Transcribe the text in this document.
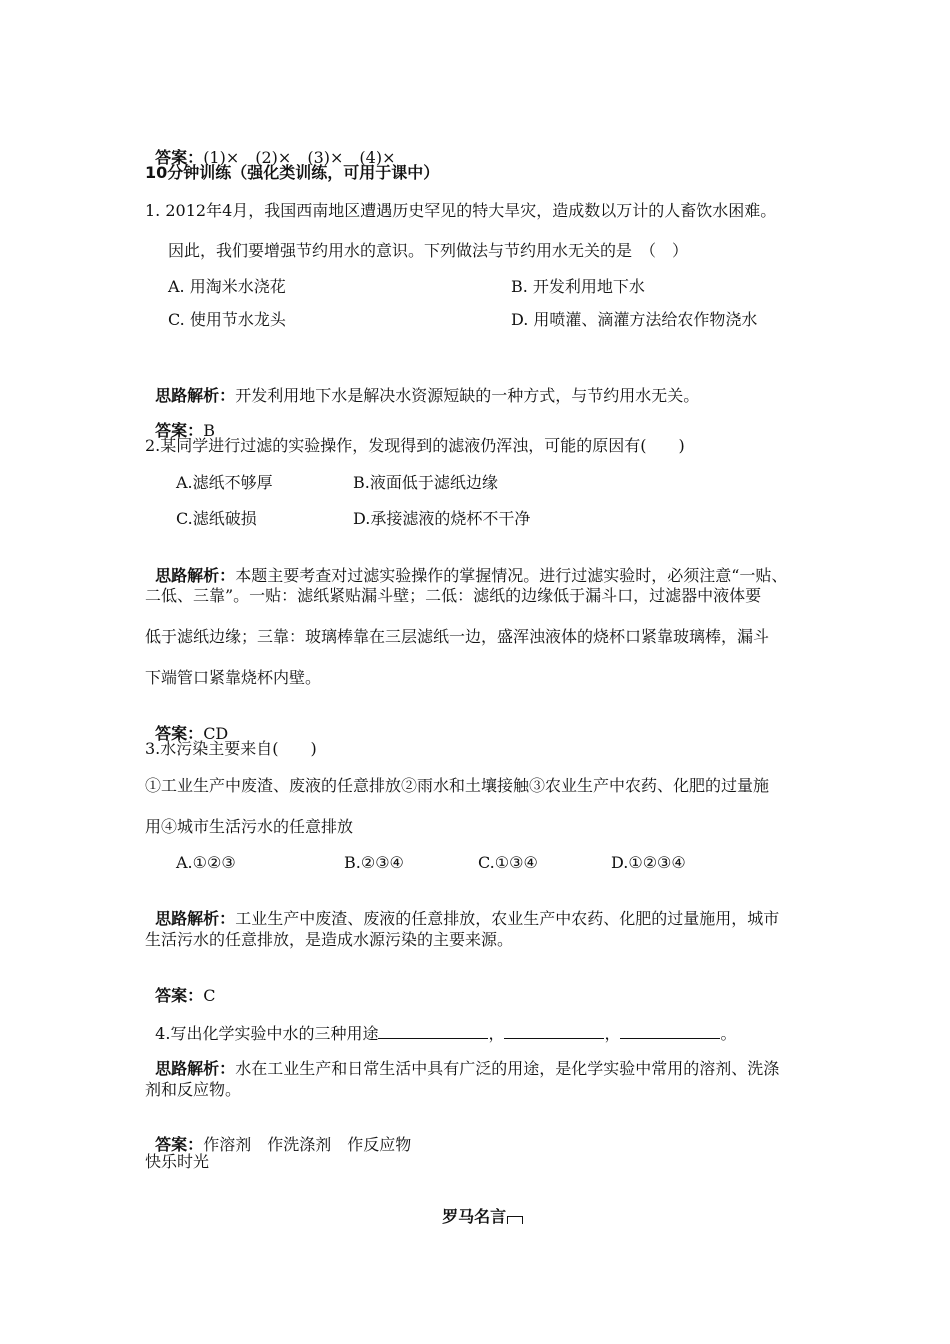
答案：(1)×　(2)×　(3)×　(4)×

10分钟训练（强化类训练，可用于课中）
1. 2012年4月，我国西南地区遭遇历史罕见的特大旱灾，造成数以万计的人畜饮水困难。
因此，我们要增强节约用水的意识。下列做法与节约用水无关的是　（　）
A. 用淘米水浇花	B. 开发利用地下水
C. 使用节水龙头	D. 用喷灌、滴灌方法给农作物浇水

思路解析：开发利用地下水是解决水资源短缺的一种方式，与节约用水无关。

答案：B

2.某同学进行过滤的实验操作，发现得到的滤液仍浑浊，可能的原因有(　　)
A.滤纸不够厚	B.液面低于滤纸边缘
C.滤纸破损	D.承接滤液的烧杯不干净

思路解析：本题主要考查对过滤实验操作的掌握情况。进行过滤实验时，必须注意“一贴、

二低、三靠”。一贴：滤纸紧贴漏斗壁；二低：滤纸的边缘低于漏斗口，过滤器中液体要
低于滤纸边缘；三靠：玻璃棒靠在三层滤纸一边，盛浑浊液体的烧杯口紧靠玻璃棒，漏斗
下端管口紧靠烧杯内壁。

答案：CD

3.水污染主要来自(　　)
①工业生产中废渣、废液的任意排放②雨水和土壤接触③农业生产中农药、化肥的过量施
用④城市生活污水的任意排放
A.①②③	B.②③④	C.①③④	D.①②③④

思路解析：工业生产中废渣、废液的任意排放，农业生产中农药、化肥的过量施用，城市

生活污水的任意排放，是造成水源污染的主要来源。

答案：C

4.写出化学实验中水的三种用途	，	，	。

思路解析：水在工业生产和日常生活中具有广泛的用途，是化学实验中常用的溶剂、洗涤

剂和反应物。

答案：作溶剂　作洗涤剂　作反应物

快乐时光

罗马名言
